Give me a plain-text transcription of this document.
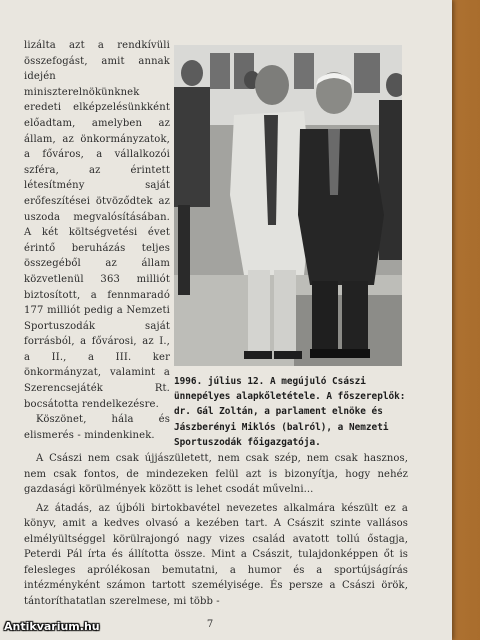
lizálta azt a rendkívüli összefogást, amit annak idején miniszterelnökünknek eredeti elképzelésünkként előadtam, amelyben az állam, az önkormányzatok, a főváros, a vállalkozói szféra, az érintett létesítmény saját erőfeszítései ötvöződtek az uszoda megvalósításában. A két költségvetési évet érintő beruházás teljes összegéből az állam közvetlenül 363 milliót biztosított, a fennmaradó 177 milliót pedig a Nemzeti Sportuszodák saját forrásból, a fővárosi, az I., a II., a III. ker önkormányzat, valamint a Szerencsejáték Rt. bocsátotta rendelkezésre.

Köszönet, hála és elismerés - mindenkinek.

1996. július 12. A megújuló Császi ünnepélyes alapkőletétele. A főszereplők: dr. Gál Zoltán, a parlament elnöke és Jászberényi Miklós (balról), a Nemzeti Sportuszodák főigazgatója.

A Császi nem csak újjászületett, nem csak szép, nem csak hasznos, nem csak fontos, de mindezeken felül azt is bizonyítja, hogy nehéz gazdasági körülmények között is lehet csodát művelni...

Az átadás, az újbóli birtokbavétel nevezetes alkalmára készült ez a könyv, amit a kedves olvasó a kezében tart. A Császit szinte vallásos elmélyültséggel körülrajongó nagy vizes család avatott tollú őstagja, Peterdi Pál írta és állította össze. Mint a Császit, tulajdonképpen őt is felesleges aprólékosan bemutatni, a humor és a sportújságírás intézményként számon tartott személyisége. És persze a Császi örök, tántoríthatatlan szerelmese, mi több -

7
Antikvarium.hu
